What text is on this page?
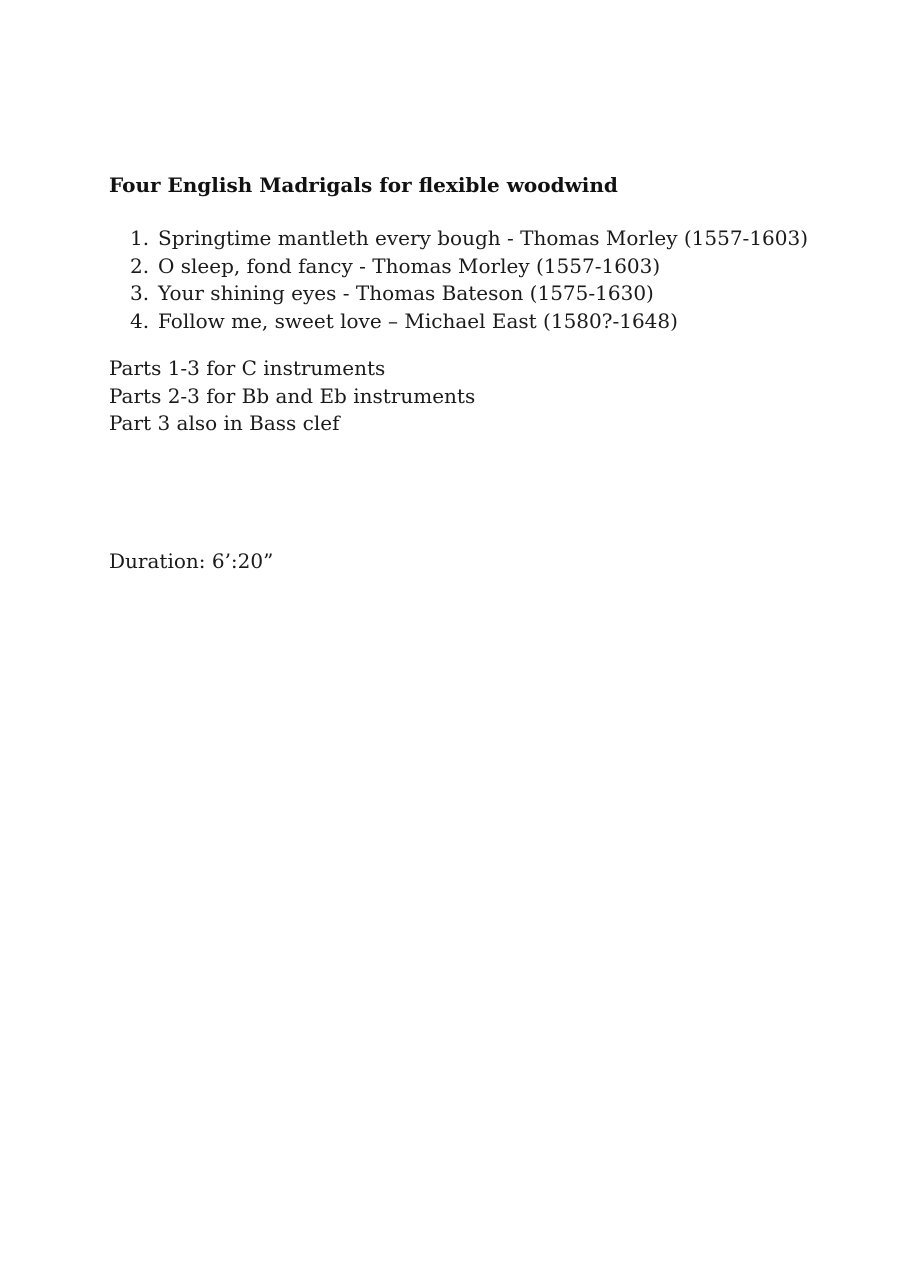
Four English Madrigals for flexible woodwind
1. Springtime mantleth every bough - Thomas Morley (1557-1603)
2. O sleep, fond fancy - Thomas Morley (1557-1603)
3. Your shining eyes - Thomas Bateson (1575-1630)
4. Follow me, sweet love – Michael East (1580?-1648)
Parts 1-3 for C instruments
Parts 2-3 for Bb and Eb instruments
Part 3 also in Bass clef

Duration: 6’:20”
